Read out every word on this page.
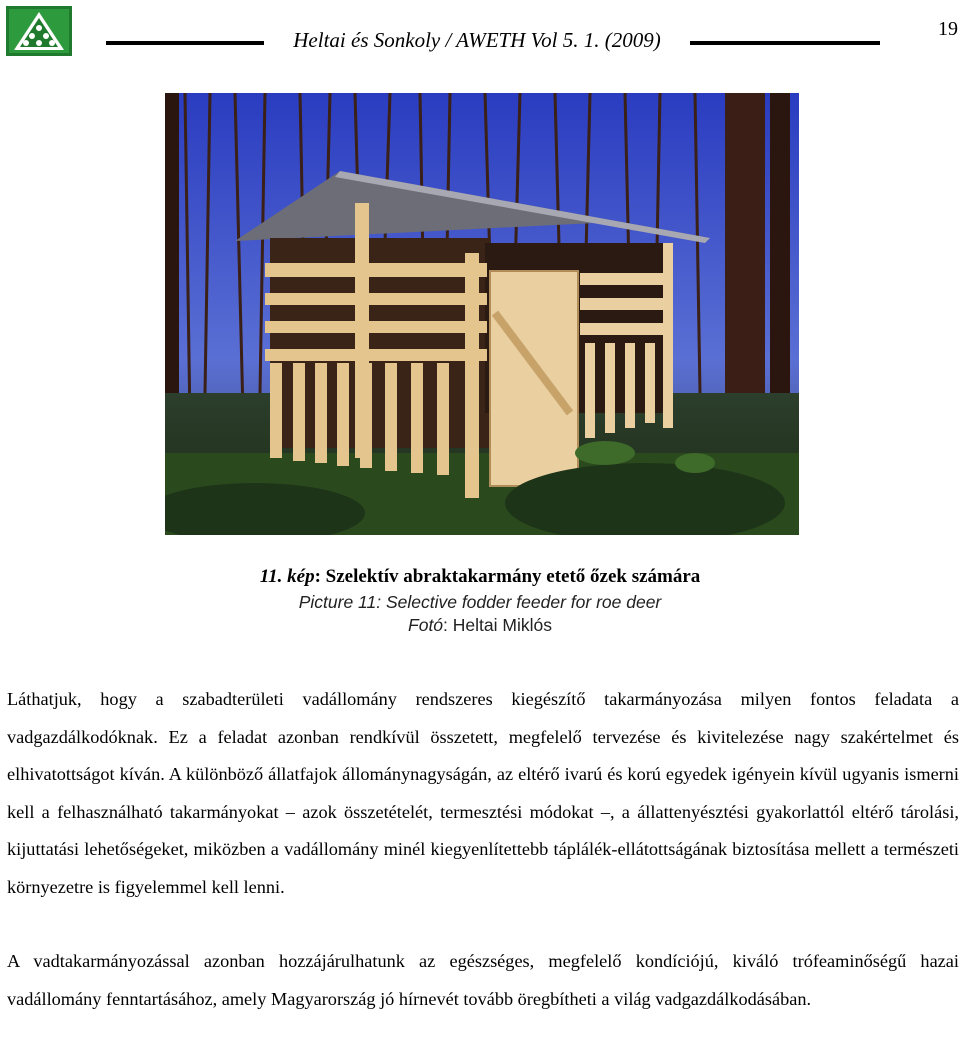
Heltai és Sonkoly / AWETH Vol 5. 1. (2009)	19
11. kép: Szelektív abraktakarmány etető őzek számára
Picture 11: Selective fodder feeder for roe deer
Fotó: Heltai Miklós

Láthatjuk, hogy a szabadterületi vadállomány rendszeres kiegészítő takarmányozása milyen fontos feladata a vadgazdálkodóknak. Ez a feladat azonban rendkívül összetett, megfelelő tervezése és kivitelezése nagy szakértelmet és elhivatottságot kíván. A különböző állatfajok állománynagyságán, az eltérő ivarú és korú egyedek igényein kívül ugyanis ismerni kell a felhasználható takarmányokat – azok összetételét, termesztési módokat –, a állattenyésztési gyakorlattól eltérő tárolási, kijuttatási lehetőségeket, miközben a vadállomány minél kiegyenlítettebb táplálék-ellátottságának biztosítása mellett a természeti környezetre is figyelemmel kell lenni.

A vadtakarmányozással azonban hozzájárulhatunk az egészséges, megfelelő kondíciójú, kiváló trófeaminőségű hazai vadállomány fenntartásához, amely Magyarország jó hírnevét tovább öregbítheti a világ vadgazdálkodásában.
